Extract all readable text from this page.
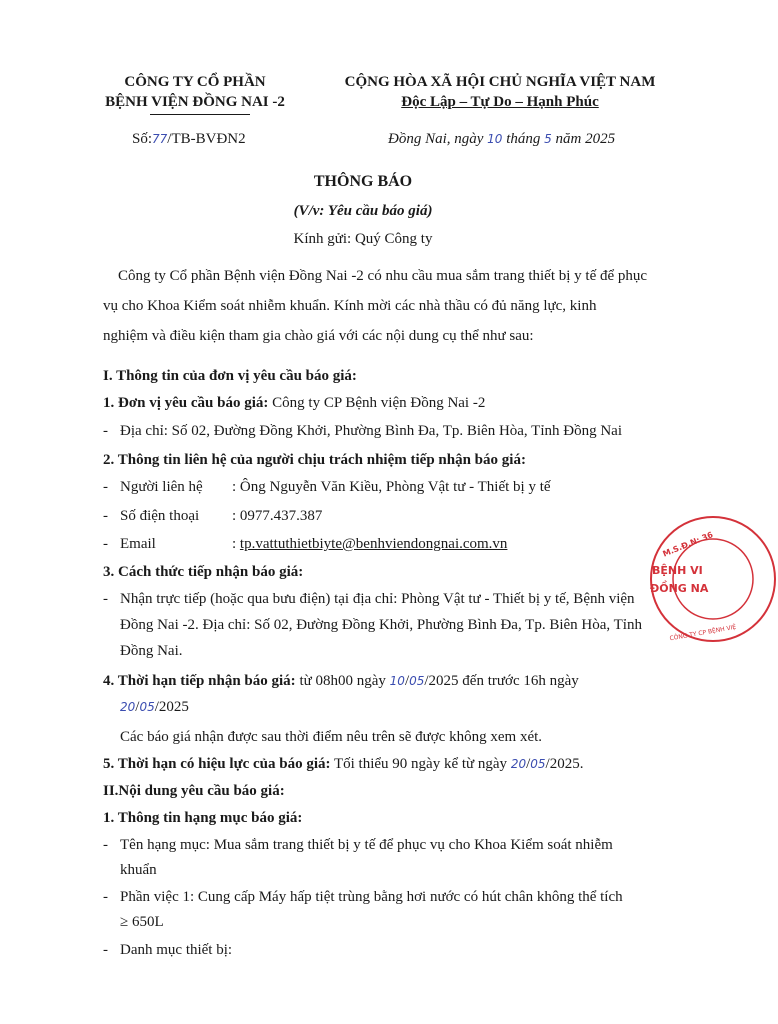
CÔNG TY CỔ PHẦN
BỆNH VIỆN ĐỒNG NAI -2
CỘNG HÒA XÃ HỘI CHỦ NGHĨA VIỆT NAM
Độc Lập – Tự Do – Hạnh Phúc
Số:77/TB-BVĐN2	Đồng Nai, ngày 10 tháng 5 năm 2025
THÔNG BÁO
(V/v: Yêu cầu báo giá)
Kính gửi: Quý Công ty
Công ty Cổ phần Bệnh viện Đồng Nai -2 có nhu cầu mua sắm trang thiết bị y tế để phục
vụ cho Khoa Kiểm soát nhiễm khuẩn. Kính mời các nhà thầu có đủ năng lực, kinh
nghiệm và điều kiện tham gia chào giá với các nội dung cụ thể như sau:
I. Thông tin của đơn vị yêu cầu báo giá:
1. Đơn vị yêu cầu báo giá: Công ty CP Bệnh viện Đồng Nai -2
- Địa chỉ: Số 02, Đường Đồng Khởi, Phường Bình Đa, Tp. Biên Hòa, Tỉnh Đồng Nai
2. Thông tin liên hệ của người chịu trách nhiệm tiếp nhận báo giá:
- Người liên hệ : Ông Nguyễn Văn Kiều, Phòng Vật tư - Thiết bị y tế
- Số điện thoại : 0977.437.387
- Email	: tp.vattuthietbiyte@benhviendongnai.com.vn
3. Cách thức tiếp nhận báo giá:
- Nhận trực tiếp (hoặc qua bưu điện) tại địa chỉ: Phòng Vật tư - Thiết bị y tế, Bệnh viện
Đồng Nai -2. Địa chỉ: Số 02, Đường Đồng Khởi, Phường Bình Đa, Tp. Biên Hòa, Tỉnh
Đồng Nai.
4. Thời hạn tiếp nhận báo giá: từ 08h00 ngày 10/05/2025 đến trước 16h ngày
20/05/2025
Các báo giá nhận được sau thời điểm nêu trên sẽ được không xem xét.
5. Thời hạn có hiệu lực của báo giá: Tối thiểu 90 ngày kể từ ngày 20/05/2025.
II.Nội dung yêu cầu báo giá:
1. Thông tin hạng mục báo giá:
- Tên hạng mục: Mua sắm trang thiết bị y tế để phục vụ cho Khoa Kiểm soát nhiễm
khuẩn
- Phần việc 1: Cung cấp Máy hấp tiệt trùng bằng hơi nước có hút chân không thể tích
≥ 650L
- Danh mục thiết bị:
M.S.Đ.N: 36
BỆNH VI
ĐỒNG NA
CÔNG TY CP BỆNH VIỆ
